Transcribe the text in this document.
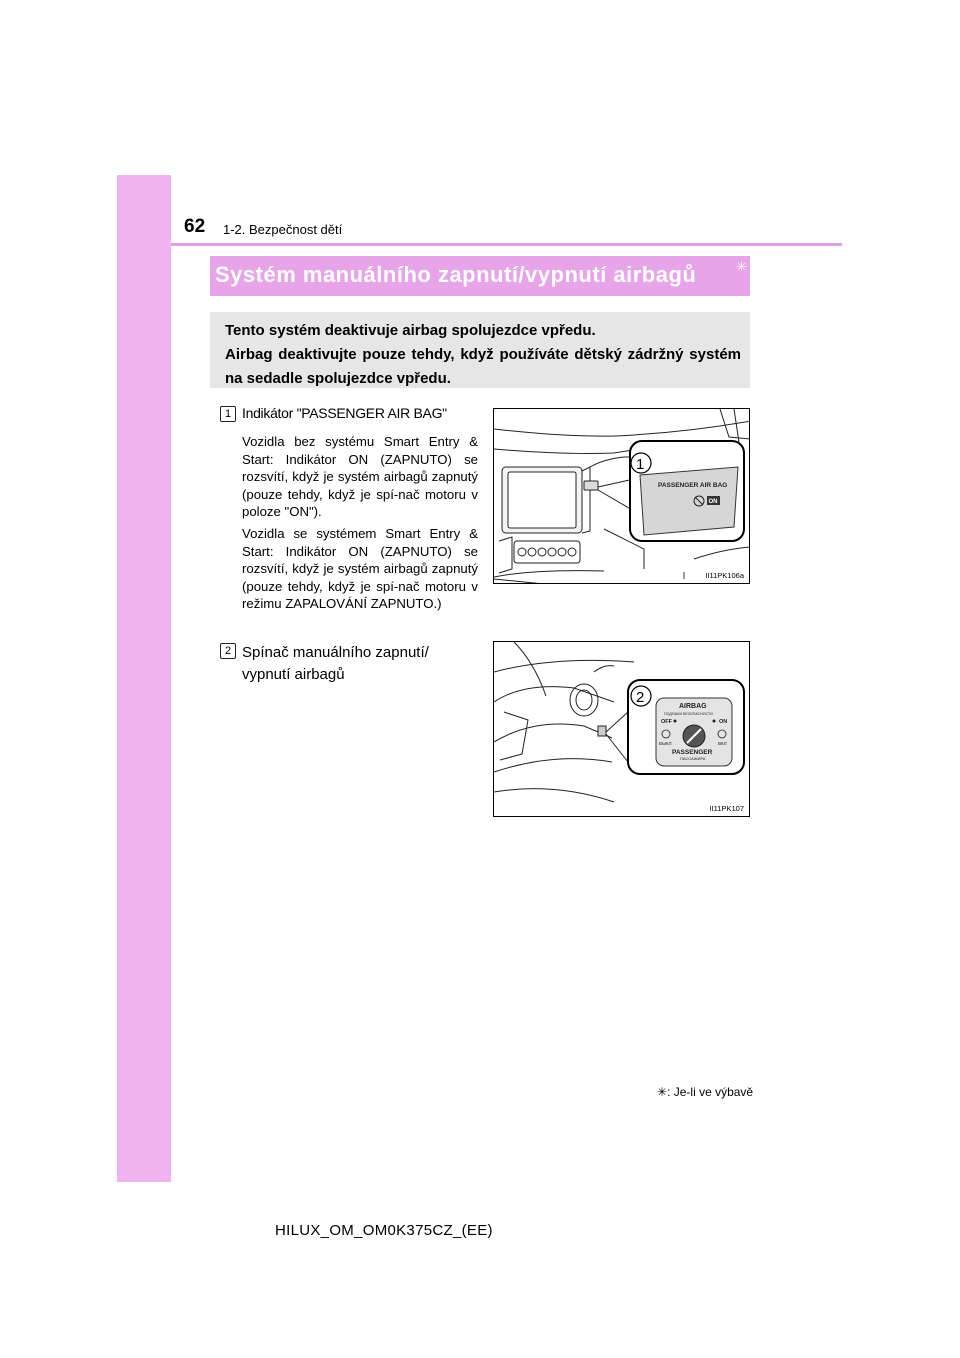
62 1-2. Bezpečnost dětí
Systém manuálního zapnutí/vypnutí airbagů	✳

Tento systém deaktivuje airbag spolujezdce vpředu.

Airbag deaktivujte pouze tehdy, když používáte dětský zádržný systém na sedadle spolujezdce vpředu.

1 Indikátor "PASSENGER AIR BAG"

Vozidla bez systému Smart Entry & Start: Indikátor ON (ZAPNUTO) se rozsvítí, když je systém airbagů zapnutý (pouze tehdy, když je spí-nač motoru v poloze "ON").

Vozidla se systémem Smart Entry & Start: Indikátor ON (ZAPNUTO) se rozsvítí, když je systém airbagů zapnutý (pouze tehdy, když je spí-nač motoru v režimu ZAPALOVÁNÍ ZAPNUTO.)

2 Spínač manuálního zapnutí/ vypnutí airbagů
PASSENGER AIR BAG
ON
1
II11PK106a
AIRBAG
ПОДУШКИ БЕЗОПАСНОСТИ
OFF	ON
ВЫКЛ	ВКЛ
PASSENGER
ПАССАЖИРА
2
II11PK107
✳: Je-li ve výbavě
HILUX_OM_OM0K375CZ_(EE)
